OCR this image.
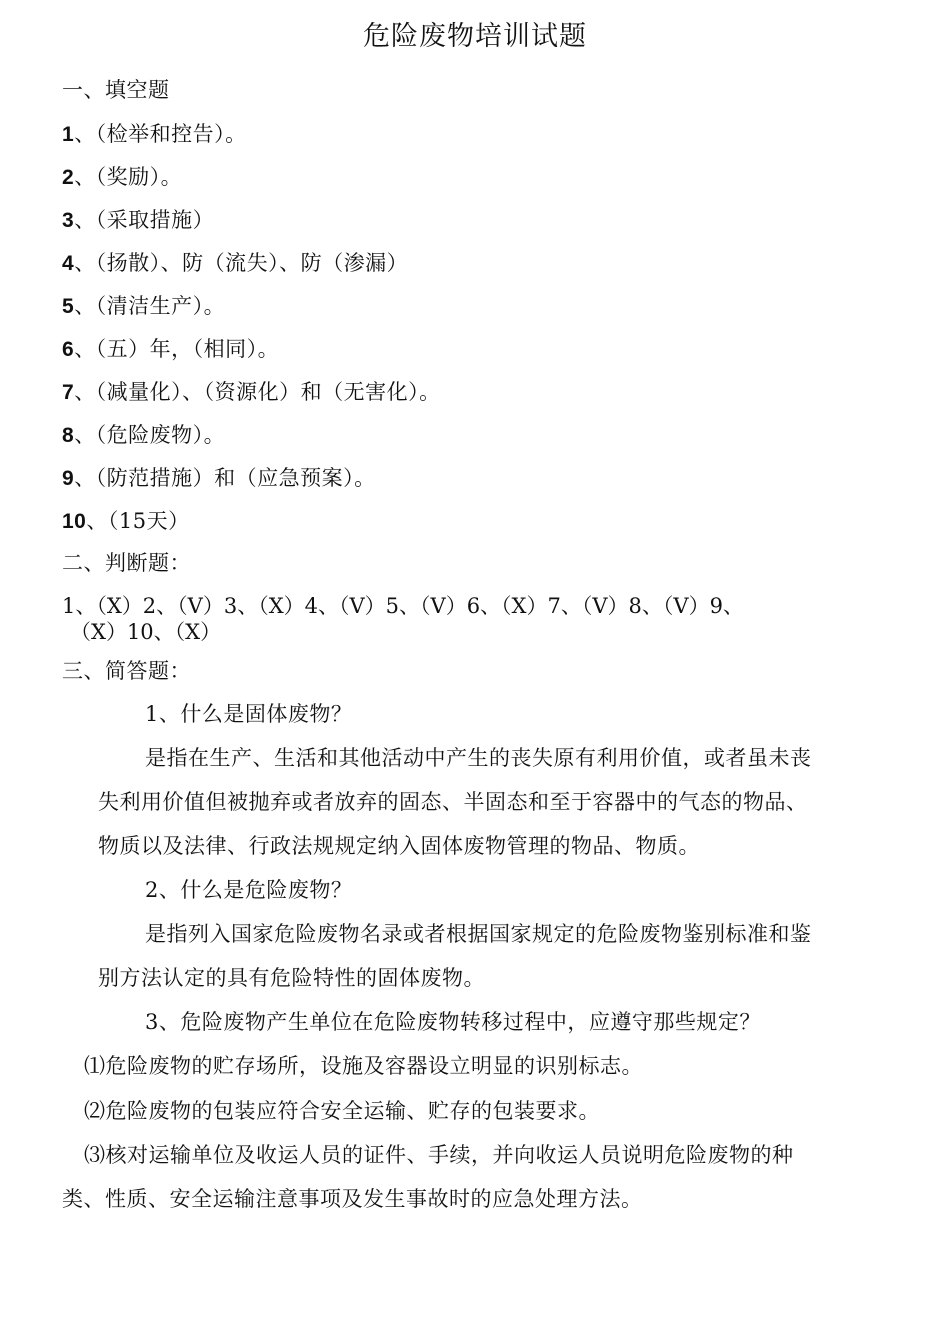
危险废物培训试题
一、填空题
1、（检举和控告）。
2、（奖励）。
3、（采取措施）
4、（扬散）、防（流失）、防（渗漏）
5、（清洁生产）。
6、（五）年，（相同）。
7、（减量化）、（资源化）和（无害化）。
8、（危险废物）。
9、（防范措施）和（应急预案）。
10、（15天）
二、判断题：
1、（X）2、（V）3、（X）4、（V）5、（V）6、（X）7、（V）8、（V）9、
（X）10、（X）
三、简答题：
1、什么是固体废物？
是指在生产、生活和其他活动中产生的丧失原有利用价值，或者虽未丧
失利用价值但被抛弃或者放弃的固态、半固态和至于容器中的气态的物品、
物质以及法律、行政法规规定纳入固体废物管理的物品、物质。
2、什么是危险废物？
是指列入国家危险废物名录或者根据国家规定的危险废物鉴别标准和鉴
别方法认定的具有危险特性的固体废物。
3、危险废物产生单位在危险废物转移过程中，应遵守那些规定？
⑴危险废物的贮存场所，设施及容器设立明显的识别标志。
⑵危险废物的包装应符合安全运输、贮存的包装要求。
⑶核对运输单位及收运人员的证件、手续，并向收运人员说明危险废物的种
类、性质、安全运输注意事项及发生事故时的应急处理方法。
